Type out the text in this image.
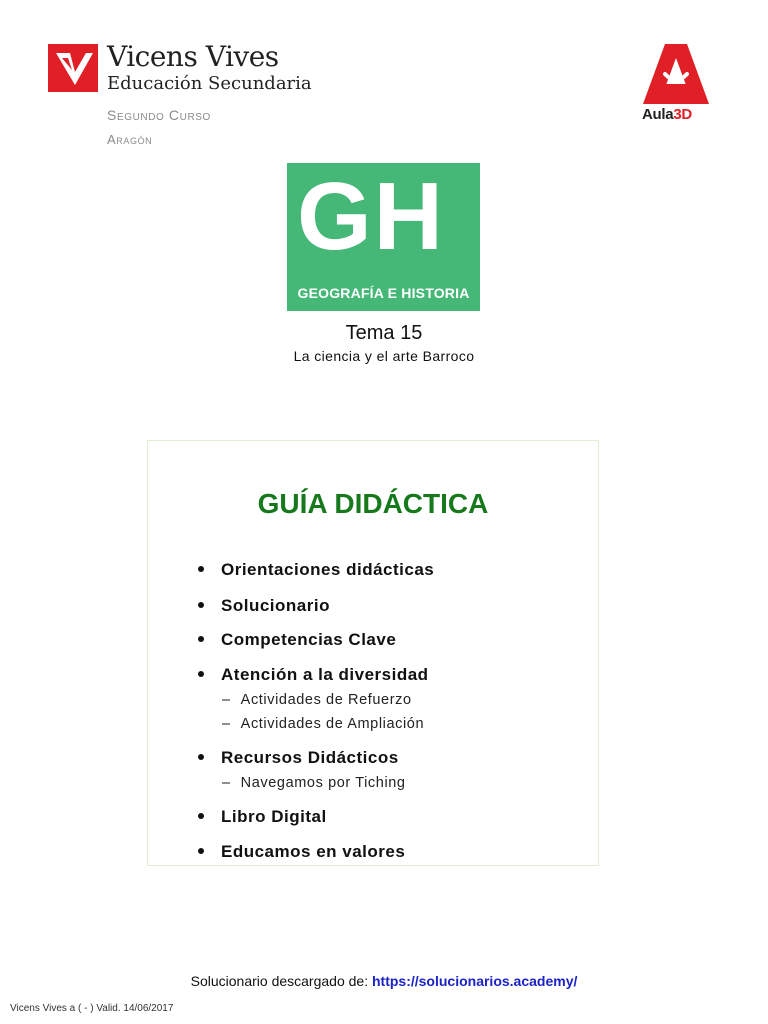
Vicens Vives
Educación Secundaria
Segundo Curso
Aragón
Aula3D
GH
GEOGRAFÍA E HISTORIA
Tema 15
La ciencia y el arte Barroco
GUÍA DIDÁCTICA
Orientaciones didácticas
Solucionario
Competencias Clave
Atención a la diversidad
– Actividades de Refuerzo
– Actividades de Ampliación
Recursos Didácticos
– Navegamos por Tiching
Libro Digital
Educamos en valores
Solucionario descargado de: https://solucionarios.academy/
Vicens Vives a ( - ) Valid. 14/06/2017
